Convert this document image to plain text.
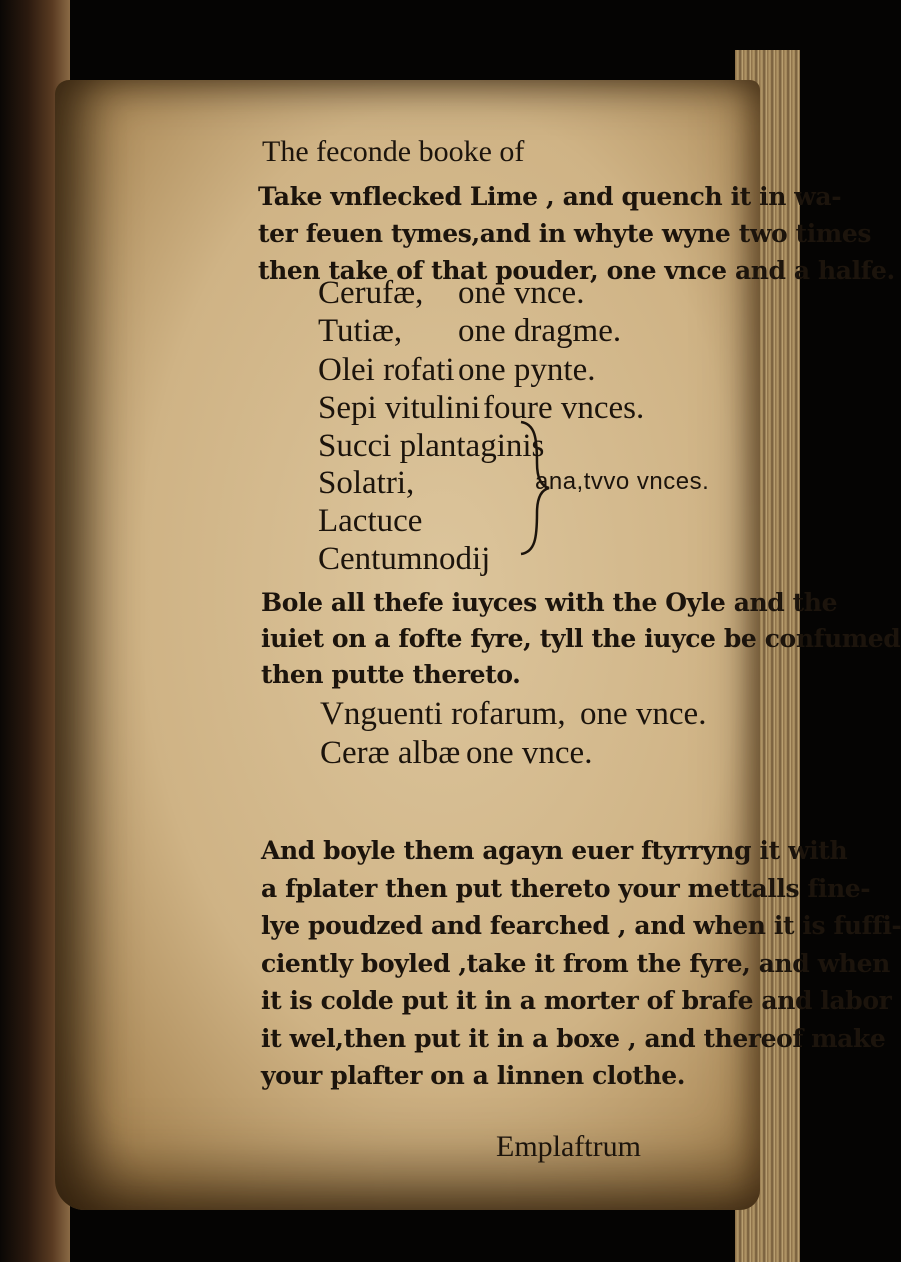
The feconde booke of
Take vnflecked Lime , and quench it in wa-
ter feuen tymes,and in whyte wyne two times
then take of that pouder, one vnce and a halfe.
Cerufæ, one vnce.
Tutiæ, one dragme.
Olei rofati one pynte.
Sepi vitulini foure vnces.
Succi plantaginis
Solatri,
Lactuce
Centumnodij
ana,tvvo vnces.
Bole all thefe iuyces with the Oyle and the
iuiet on a fofte fyre, tyll the iuyce be confumed
then putte thereto.
Vnguenti rofarum, one vnce.
Ceræ albæ one vnce.
And boyle them agayn euer ftyrryng it with
a fplater then put thereto your mettalls fine-
lye poudzed and fearched , and when it is fuffi-
ciently boyled ,take it from the fyre, and when
it is colde put it in a morter of brafe and labor
it wel,then put it in a boxe , and thereof make
your plafter on a linnen clothe.
Emplaftrum
